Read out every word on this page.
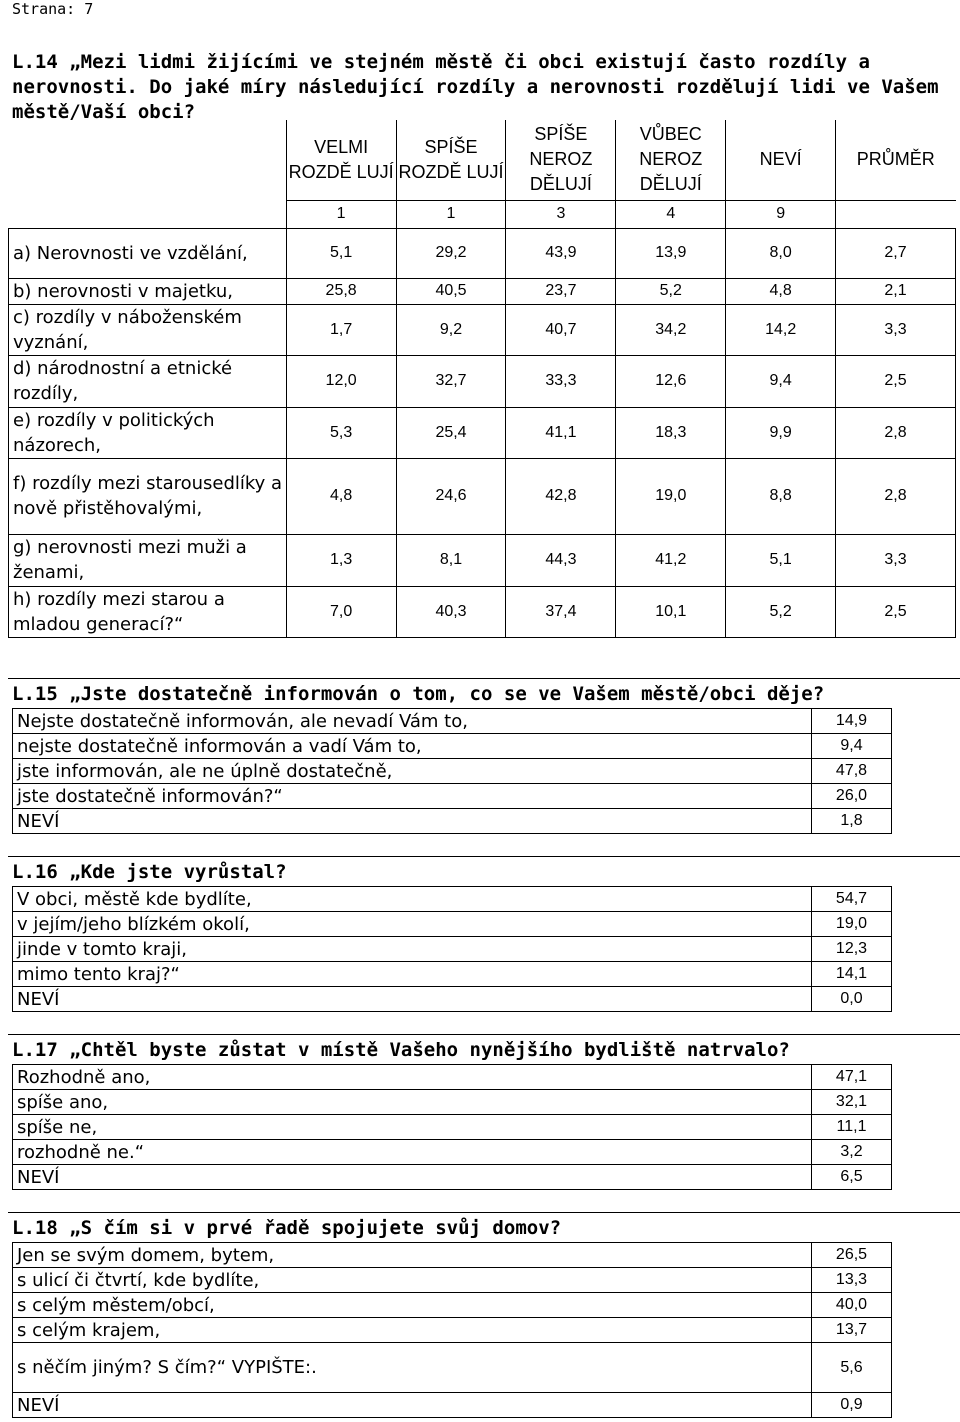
Strana: 7
L.14 „Mezi lidmi žijícími ve stejném městě či obci existují často rozdíly a nerovnosti. Do jaké míry následující rozdíly a nerovnosti rozdělují lidi ve Vašem městě/Vaší obci?
	VELMI ROZDĚ LUJÍ	SPÍŠE ROZDĚ LUJÍ	SPÍŠE NEROZ DĚLUJÍ	VŮBEC NEROZ DĚLUJÍ	NEVÍ	PRŮMĚR
	1	1	3	4	9	
a) Nerovnosti ve vzdělání,	5,1	29,2	43,9	13,9	8,0	2,7
b) nerovnosti v majetku,	25,8	40,5	23,7	5,2	4,8	2,1
c) rozdíly v náboženském vyznání,	1,7	9,2	40,7	34,2	14,2	3,3
d) národnostní a etnické rozdíly,	12,0	32,7	33,3	12,6	9,4	2,5
e) rozdíly v politických názorech,	5,3	25,4	41,1	18,3	9,9	2,8
f) rozdíly mezi starousedlíky a nově přistěhovalými,	4,8	24,6	42,8	19,0	8,8	2,8
g) nerovnosti mezi muži a ženami,	1,3	8,1	44,3	41,2	5,1	3,3
h) rozdíly mezi starou a mladou generací?“	7,0	40,3	37,4	10,1	5,2	2,5
L.15 „Jste dostatečně informován o tom, co se ve Vašem městě/obci děje?
Nejste dostatečně informován, ale nevadí Vám to,	14,9
nejste dostatečně informován a vadí Vám to,	9,4
jste informován, ale ne úplně dostatečně,	47,8
jste dostatečně informován?“	26,0
NEVÍ	1,8
L.16 „Kde jste vyrůstal?
V obci, městě kde bydlíte,	54,7
v jejím/jeho blízkém okolí,	19,0
jinde v tomto kraji,	12,3
mimo tento kraj?“	14,1
NEVÍ	0,0
L.17 „Chtěl byste zůstat v místě Vašeho nynějšího bydliště natrvalo?
Rozhodně ano,	47,1
spíše ano,	32,1
spíše ne,	11,1
rozhodně ne.“	3,2
NEVÍ	6,5
L.18 „S čím si v prvé řadě spojujete svůj domov?
Jen se svým domem, bytem,	26,5
s ulicí či čtvrtí, kde bydlíte,	13,3
s celým městem/obcí,	40,0
s celým krajem,	13,7
s něčím jiným? S čím?“ VYPIŠTE:.	5,6
NEVÍ	0,9
